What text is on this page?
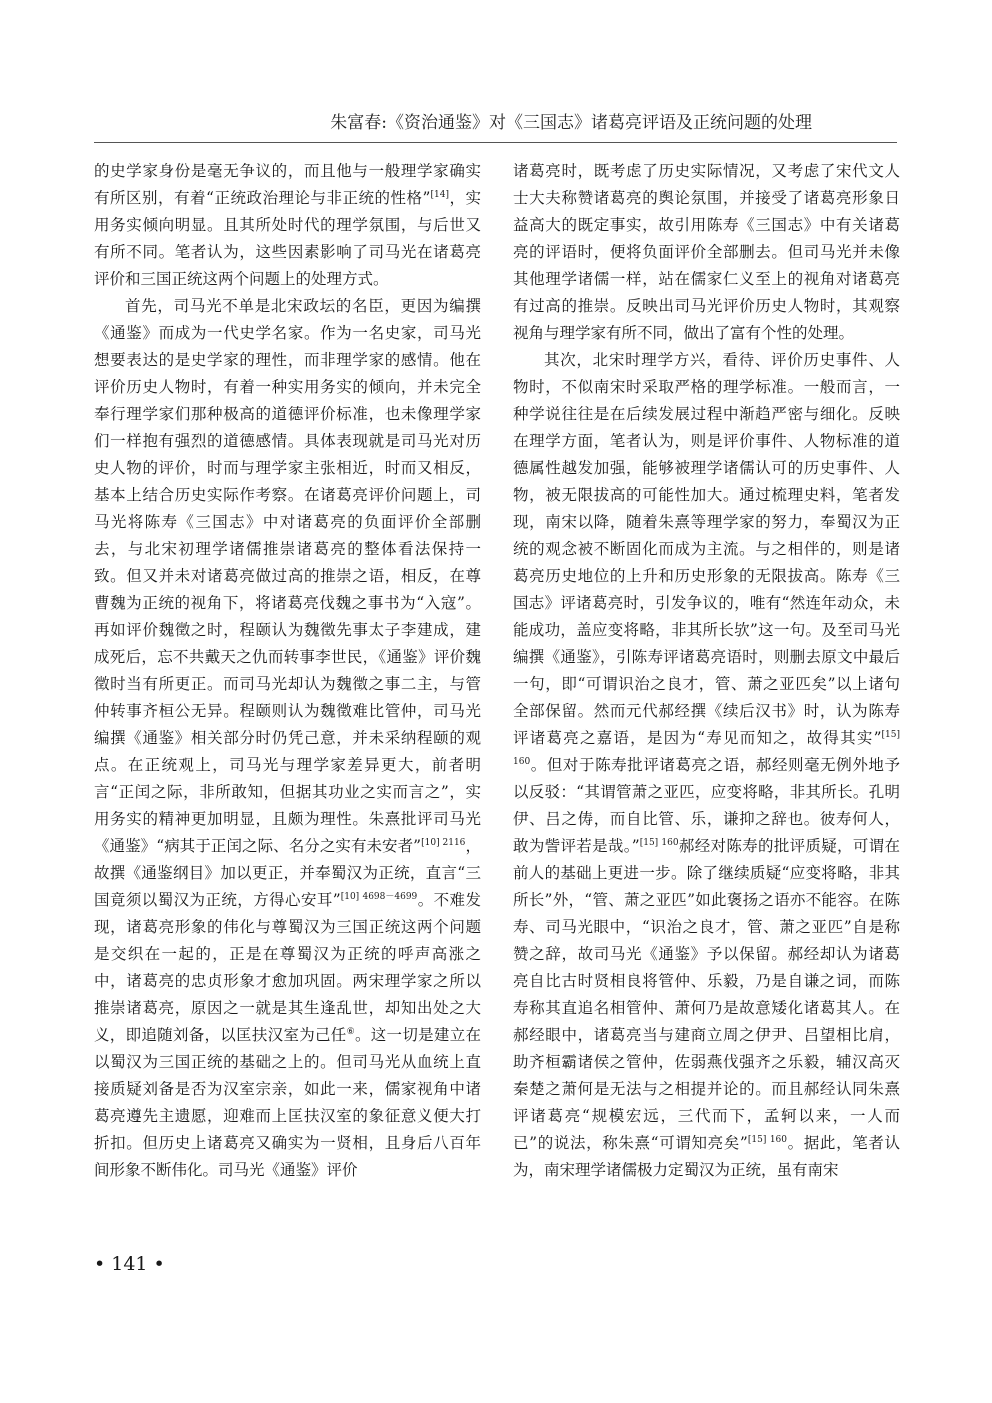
朱富春:《资治通鉴》对《三国志》诸葛亮评语及正统问题的处理

的史学家身份是毫无争议的，而且他与一般理学家确实有所区别，有着“正统政治理论与非正统的性格”[14]，实用务实倾向明显。且其所处时代的理学氛围，与后世又有所不同。笔者认为，这些因素影响了司马光在诸葛亮评价和三国正统这两个问题上的处理方式。

首先，司马光不单是北宋政坛的名臣，更因为编撰《通鉴》而成为一代史学名家。作为一名史家，司马光想要表达的是史学家的理性，而非理学家的感情。他在评价历史人物时，有着一种实用务实的倾向，并未完全奉行理学家们那种极高的道德评价标准，也未像理学家们一样抱有强烈的道德感情。具体表现就是司马光对历史人物的评价，时而与理学家主张相近，时而又相反，基本上结合历史实际作考察。在诸葛亮评价问题上，司马光将陈寿《三国志》中对诸葛亮的负面评价全部删去，与北宋初理学诸儒推崇诸葛亮的整体看法保持一致。但又并未对诸葛亮做过高的推崇之语，相反，在尊曹魏为正统的视角下，将诸葛亮伐魏之事书为“入寇”。再如评价魏徵之时，程颐认为魏徵先事太子李建成，建成死后，忘不共戴天之仇而转事李世民，《通鉴》评价魏徵时当有所更正。而司马光却认为魏徵之事二主，与管仲转事齐桓公无异。程颐则认为魏徵难比管仲，司马光编撰《通鉴》相关部分时仍凭己意，并未采纳程颐的观点。在正统观上，司马光与理学家差异更大，前者明言“正闰之际，非所敢知，但据其功业之实而言之”，实用务实的精神更加明显，且颇为理性。朱熹批评司马光《通鉴》“病其于正闰之际、名分之实有未安者”$^{[10] 2116}$，故撰《通鉴纲目》加以更正，并奉蜀汉为正统，直言“三国竟须以蜀汉为正统，方得心安耳”$^{[10] 4698-4699}$。不难发现，诸葛亮形象的伟化与尊蜀汉为三国正统这两个问题是交织在一起的，正是在尊蜀汉为正统的呼声高涨之中，诸葛亮的忠贞形象才愈加巩固。两宋理学家之所以推崇诸葛亮，原因之一就是其生逢乱世，却知出处之大义，即追随刘备，以匡扶汉室为己任⑥。这一切是建立在以蜀汉为三国正统的基础之上的。但司马光从血统上直接质疑刘备是否为汉室宗亲，如此一来，儒家视角中诸葛亮遵先主遗愿，迎难而上匡扶汉室的象征意义便大打折扣。但历史上诸葛亮又确实为一贤相，且身后八百年间形象不断伟化。司马光《通鉴》评价

诸葛亮时，既考虑了历史实际情况，又考虑了宋代文人士大夫称赞诸葛亮的舆论氛围，并接受了诸葛亮形象日益高大的既定事实，故引用陈寿《三国志》中有关诸葛亮的评语时，便将负面评价全部删去。但司马光并未像其他理学诸儒一样，站在儒家仁义至上的视角对诸葛亮有过高的推崇。反映出司马光评价历史人物时，其观察视角与理学家有所不同，做出了富有个性的处理。

其次，北宋时理学方兴，看待、评价历史事件、人物时，不似南宋时采取严格的理学标准。一般而言，一种学说往往是在后续发展过程中渐趋严密与细化。反映在理学方面，笔者认为，则是评价事件、人物标准的道德属性越发加强，能够被理学诸儒认可的历史事件、人物，被无限拔高的可能性加大。通过梳理史料，笔者发现，南宋以降，随着朱熹等理学家的努力，奉蜀汉为正统的观念被不断固化而成为主流。与之相伴的，则是诸葛亮历史地位的上升和历史形象的无限拔高。陈寿《三国志》评诸葛亮时，引发争议的，唯有“然连年动众，未能成功，盖应变将略，非其所长欤”这一句。及至司马光编撰《通鉴》，引陈寿评诸葛亮语时，则删去原文中最后一句，即“可谓识治之良才，管、萧之亚匹矣”以上诸句全部保留。然而元代郝经撰《续后汉书》时，认为陈寿评诸葛亮之嘉语，是因为“寿见而知之，故得其实”$^{[15] 160}$。但对于陈寿批评诸葛亮之语，郝经则毫无例外地予以反驳：“其谓管萧之亚匹，应变将略，非其所长。孔明伊、吕之俦，而自比管、乐，谦抑之辞也。彼寿何人，敢为訾评若是哉。”$^{[15] 160}$郝经对陈寿的批评质疑，可谓在前人的基础上更进一步。除了继续质疑“应变将略，非其所长”外，“管、萧之亚匹”如此褒扬之语亦不能容。在陈寿、司马光眼中，“识治之良才，管、萧之亚匹”自是称赞之辞，故司马光《通鉴》予以保留。郝经却认为诸葛亮自比古时贤相良将管仲、乐毅，乃是自谦之词，而陈寿称其直追名相管仲、萧何乃是故意矮化诸葛其人。在郝经眼中，诸葛亮当与建商立周之伊尹、吕望相比肩，助齐桓霸诸侯之管仲，佐弱燕伐强齐之乐毅，辅汉高灭秦楚之萧何是无法与之相提并论的。而且郝经认同朱熹评诸葛亮“规模宏远，三代而下，孟轲以来，一人而已”的说法，称朱熹“可谓知亮矣”$^{[15] 160}$。据此，笔者认为，南宋理学诸儒极力定蜀汉为正统，虽有南宋

• 141 •
